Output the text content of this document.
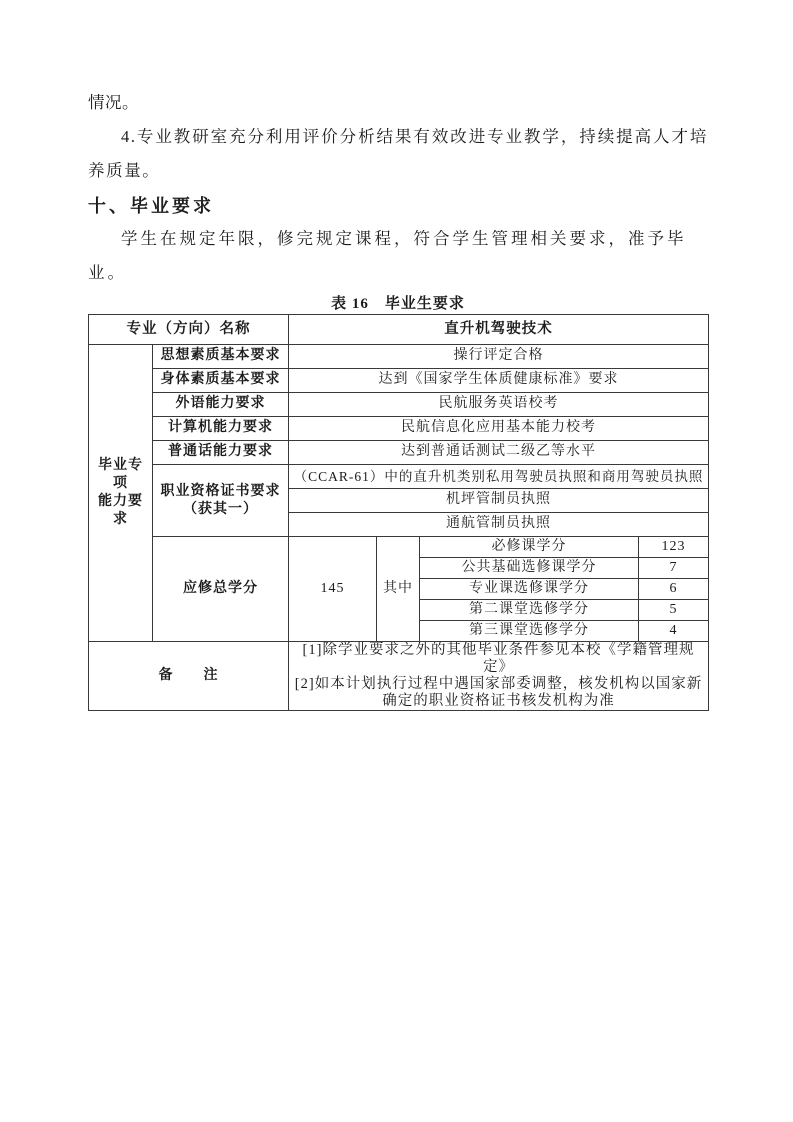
情况。

4.专业教研室充分利用评价分析结果有效改进专业教学，持续提高人才培养质量。

十、毕业要求

学生在规定年限，修完规定课程，符合学生管理相关要求，准予毕业。

表 16　毕业生要求
专业（方向）名称		直升机驾驶技术			

毕业专项
能力要求	思想素质基本要求	操行评定合格			
	身体素质基本要求	达到《国家学生体质健康标准》要求			
	外语能力要求	民航服务英语校考			
	计算机能力要求	民航信息化应用基本能力校考			
	普通话能力要求	达到普通话测试二级乙等水平			

	职业资格证书要求
（获其一）	（CCAR-61）中的直升机类别私用驾驶员执照和商用驾驶员执照			
		机坪管制员执照			
		通航管制员执照			
	应修总学分	145	其中	必修课学分	123
				公共基础选修课学分	7
				专业课选修课学分	6
				第二课堂选修学分	5
				第三课堂选修学分	4
备　　注		[1]除学业要求之外的其他毕业条件参见本校《学籍管理规定》
[2]如本计划执行过程中遇国家部委调整，核发机构以国家新确定的职业资格证书核发机构为准			
